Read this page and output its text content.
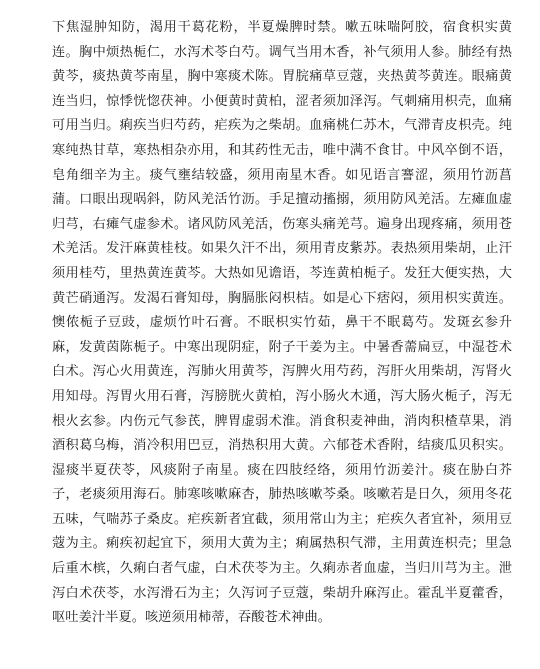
下焦湿肿知防，渴用干葛花粉，半夏燥脾时禁。嗽五味喘阿胶，宿食枳实黄连。胸中烦热栀仁，水泻术苓白芍。调气当用木香，补气须用人参。肺经有热黄芩，痰热黄芩南星，胸中寒痰术陈。胃脘痛草豆蔻，夹热黄芩黄连。眼痛黄连当归，惊悸恍惚茯神。小便黄时黄柏，涩者须加泽泻。气刺痛用枳壳，血痛可用当归。痢疾当归芍药，疟疾为之柴胡。血痛桃仁苏木，气滞青皮枳壳。纯寒纯热甘草，寒热相杂亦用，和其药性无击，唯中满不食甘。中风卒倒不语，皂角细辛为主。痰气壅结较盛，须用南星木香。如见语言謇涩，须用竹沥菖蒲。口眼出现㖞斜，防风羌活竹沥。手足擅动搐搦，须用防风羌活。左瘫血虚归芎，右瘫气虚参术。诸风防风羌活，伤寒头痛羌芎。遍身出现疼痛，须用苍术羌活。发汗麻黄桂枝。如果久汗不出，须用青皮紫苏。表热须用柴胡，止汗须用桂芍，里热黄连黄芩。大热如见谵语，芩连黄柏栀子。发狂大便实热，大黄芒硝通泻。发渴石膏知母，胸膈胀闷枳桔。如是心下痞闷，须用枳实黄连。懊侬栀子豆豉，虚烦竹叶石膏。不眠枳实竹茹，鼻干不眠葛芍。发斑玄参升麻，发黄茵陈栀子。中寒出现阴症，附子干姜为主。中暑香薷扁豆，中湿苍术白术。泻心火用黄连，泻肺火用黄芩，泻脾火用芍药，泻肝火用柴胡，泻肾火用知母。泻胃火用石膏，泻膀胱火黄柏，泻小肠火木通，泻大肠火栀子，泻无根火玄参。内伤元气参芪，脾胃虚弱术淮。消食积麦神曲，消肉积楂草果，消酒积葛乌梅，消冷积用巴豆，消热积用大黄。六郁苍术香附，结痰瓜贝积实。湿痰半夏茯苓，风痰附子南星。痰在四肢经络，须用竹沥姜汁。痰在胁白芥子，老痰须用海石。肺寒咳嗽麻杏，肺热咳嗽芩桑。咳嗽若是日久，须用冬花五味，气喘苏子桑皮。疟疾新者宜截，须用常山为主；疟疾久者宜补，须用豆蔻为主。痢疾初起宜下，须用大黄为主；痢属热积气滞，主用黄连枳壳；里急后重木槟，久痢白者气虚，白术茯苓为主。久痢赤者血虚，当归川芎为主。泄泻白术茯苓，水泻滑石为主；久泻诃子豆蔻，柴胡升麻泻止。霍乱半夏藿香，呕吐姜汁半夏。咳逆须用柿蒂，吞酸苍术神曲。
